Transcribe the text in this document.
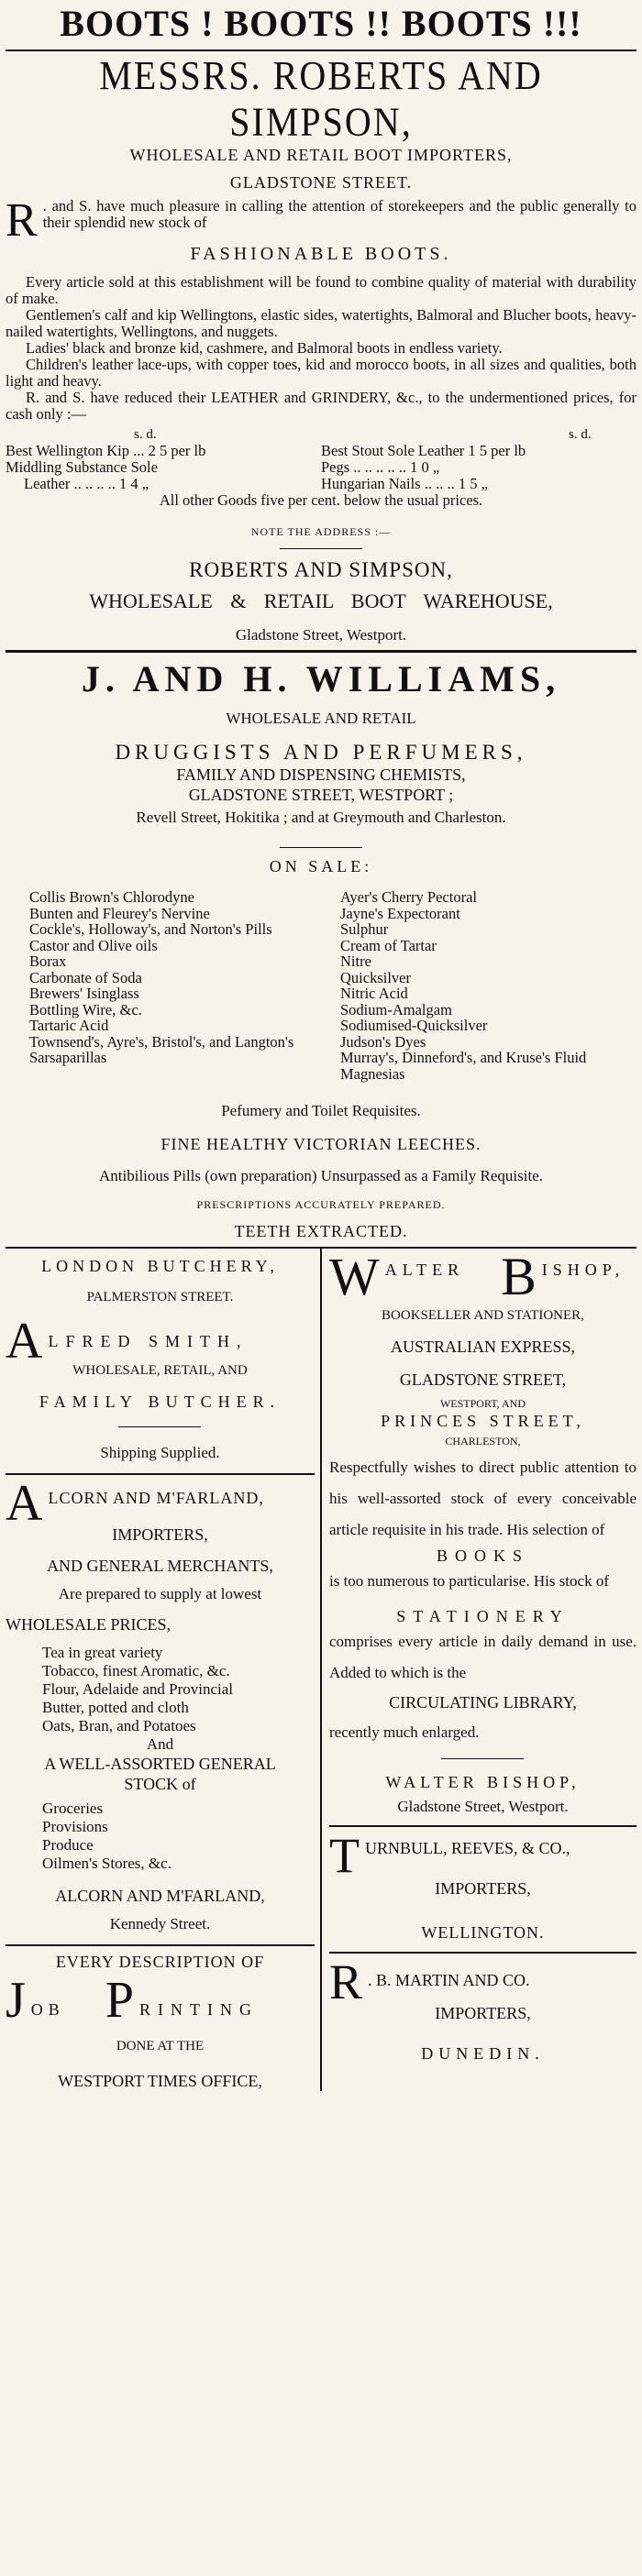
BOOTS ! BOOTS !! BOOTS !!!
MESSRS. ROBERTS AND SIMPSON,
WHOLESALE AND RETAIL BOOT IMPORTERS,
GLADSTONE STREET.
R . and S. have much pleasure in calling the attention of storekeepers and the public generally to their splendid new stock of
FASHIONABLE BOOTS.
Every article sold at this establishment will be found to combine quality of material with durability of make.
Gentlemen's calf and kip Wellingtons, elastic sides, watertights, Balmoral and Blucher boots, heavy-nailed watertights, Wellingtons, and nuggets.
Ladies' black and bronze kid, cashmere, and Balmoral boots in endless variety.
Children's leather lace-ups, with copper toes, kid and morocco boots, in all sizes and qualities, both light and heavy.
R. and S. have reduced their LEATHER and GRINDERY, &c., to the undermentioned prices, for cash only :—
s. d.
Best Wellington Kip ... 2 5 per lb
Middling Substance Sole
Leather .. .. .. .. 1 4 „
s. d.
Best Stout Sole Leather 1 5 per lb
Pegs .. .. .. .. .. 1 0 „
Hungarian Nails .. .. .. 1 5 „
All other Goods five per cent. below the usual prices.
NOTE THE ADDRESS :—
ROBERTS AND SIMPSON,
WHOLESALE & RETAIL BOOT WAREHOUSE,
Gladstone Street, Westport.
J. AND H. WILLIAMS,
WHOLESALE AND RETAIL
DRUGGISTS AND PERFUMERS,
FAMILY AND DISPENSING CHEMISTS,
GLADSTONE STREET, WESTPORT ;
Revell Street, Hokitika ; and at Greymouth and Charleston.
ON SALE:
Collis Brown's Chlorodyne
Bunten and Fleurey's Nervine
Cockle's, Holloway's, and Norton's Pills
Castor and Olive oils
Borax
Carbonate of Soda
Brewers' Isinglass
Bottling Wire, &c.
Tartaric Acid
Townsend's, Ayre's, Bristol's, and Langton's Sarsaparillas
Ayer's Cherry Pectoral
Jayne's Expectorant
Sulphur
Cream of Tartar
Nitre
Quicksilver
Nitric Acid
Sodium-Amalgam
Sodiumised-Quicksilver
Judson's Dyes
Murray's, Dinneford's, and Kruse's Fluid Magnesias
Pefumery and Toilet Requisites.
FINE HEALTHY VICTORIAN LEECHES.
Antibilious Pills (own preparation) Unsurpassed as a Family Requisite.
PRESCRIPTIONS ACCURATELY PREPARED.
TEETH EXTRACTED.
LONDON BUTCHERY,
PALMERSTON STREET.
A LFRED SMITH,
WHOLESALE, RETAIL, AND
FAMILY BUTCHER.
Shipping Supplied.
A LCORN AND M'FARLAND,
IMPORTERS,
AND GENERAL MERCHANTS,
Are prepared to supply at lowest
WHOLESALE PRICES,
Tea in great variety
Tobacco, finest Aromatic, &c.
Flour, Adelaide and Provincial
Butter, potted and cloth
Oats, Bran, and Potatoes
And
A WELL-ASSORTED GENERAL
STOCK of
Groceries
Provisions
Produce
Oilmen's Stores, &c.
ALCORN AND M'FARLAND,
Kennedy Street.
EVERY DESCRIPTION OF
J OB P RINTING
DONE AT THE
WESTPORT TIMES OFFICE,
W ALTER B ISHOP,
BOOKSELLER AND STATIONER,
AUSTRALIAN EXPRESS,
GLADSTONE STREET,
WESTPORT, AND
PRINCES STREET,
CHARLESTON,
Respectfully wishes to direct public attention to his well-assorted stock of every conceivable article requisite in his trade. His selection of
BOOKS
is too numerous to particularise. His stock of
STATIONERY
comprises every article in daily demand in use. Added to which is the
CIRCULATING LIBRARY,
recently much enlarged.
WALTER BISHOP,
Gladstone Street, Westport.
T URNBULL, REEVES, & CO.,
IMPORTERS,
WELLINGTON.
R . B. MARTIN AND CO.
IMPORTERS,
DUNEDIN.
